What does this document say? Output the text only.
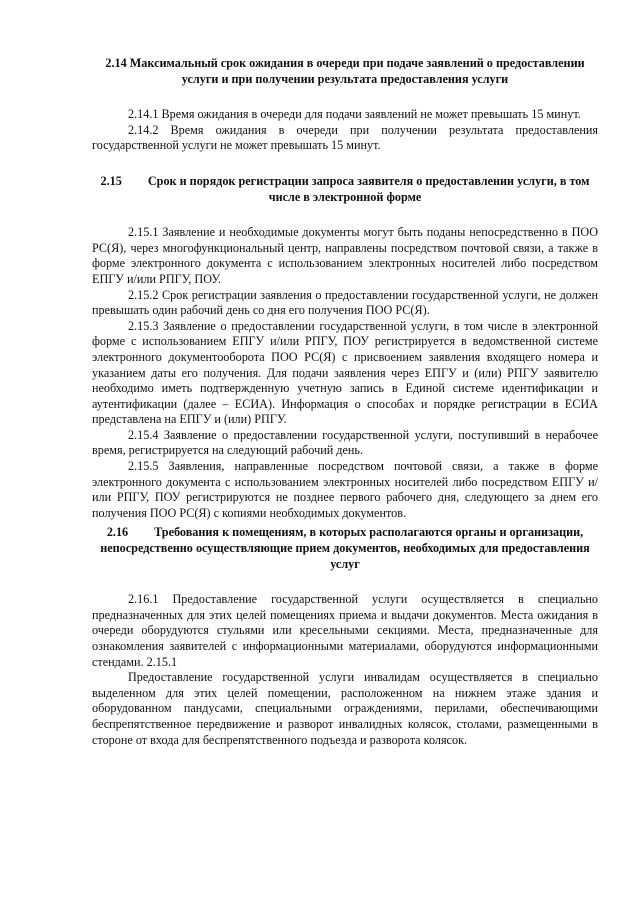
2.14 Максимальный срок ожидания в очереди при подаче заявлений о предоставлении услуги и при получении результата предоставления услуги

2.14.1 Время ожидания в очереди для подачи заявлений не может превышать 15 минут.

2.14.2 Время ожидания в очереди при получении результата предоставления государственной услуги не может превышать 15 минут.

2.15 Срок и порядок регистрации запроса заявителя о предоставлении услуги, в том числе в электронной форме

2.15.1 Заявление и необходимые документы могут быть поданы непосредственно в ПОО РС(Я), через многофункциональный центр, направлены посредством почтовой связи, а также в форме электронного документа с использованием электронных носителей либо посредством ЕПГУ и/или РПГУ, ПОУ.

2.15.2 Срок регистрации заявления о предоставлении государственной услуги, не должен превышать один рабочий день со дня его получения ПОО РС(Я).

2.15.3 Заявление о предоставлении государственной услуги, в том числе в электронной форме с использованием ЕПГУ и/или РПГУ, ПОУ регистрируется в ведомственной системе электронного документооборота ПОО РС(Я) с присвоением заявления входящего номера и указанием даты его получения. Для подачи заявления через ЕПГУ и (или) РПГУ заявителю необходимо иметь подтвержденную учетную запись в Единой системе идентификации и аутентификации (далее – ЕСИА). Информация о способах и порядке регистрации в ЕСИА представлена на ЕПГУ и (или) РПГУ.

2.15.4 Заявление о предоставлении государственной услуги, поступивший в нерабочее время, регистрируется на следующий рабочий день.

2.15.5 Заявления, направленные посредством почтовой связи, а также в форме электронного документа с использованием электронных носителей либо посредством ЕПГУ и/или РПГУ, ПОУ регистрируются не позднее первого рабочего дня, следующего за днем его получения ПОО РС(Я) с копиями необходимых документов.

2.16 Требования к помещениям, в которых располагаются органы и организации, непосредственно осуществляющие прием документов, необходимых для предоставления услуг

2.16.1 Предоставление государственной услуги осуществляется в специально предназначенных для этих целей помещениях приема и выдачи документов. Места ожидания в очереди оборудуются стульями или кресельными секциями. Места, предназначенные для ознакомления заявителей с информационными материалами, оборудуются информационными стендами. 2.15.1

Предоставление государственной услуги инвалидам осуществляется в специально выделенном для этих целей помещении, расположенном на нижнем этаже здания и оборудованном пандусами, специальными ограждениями, перилами, обеспечивающими беспрепятственное передвижение и разворот инвалидных колясок, столами, размещенными в стороне от входа для беспрепятственного подъезда и разворота колясок.
